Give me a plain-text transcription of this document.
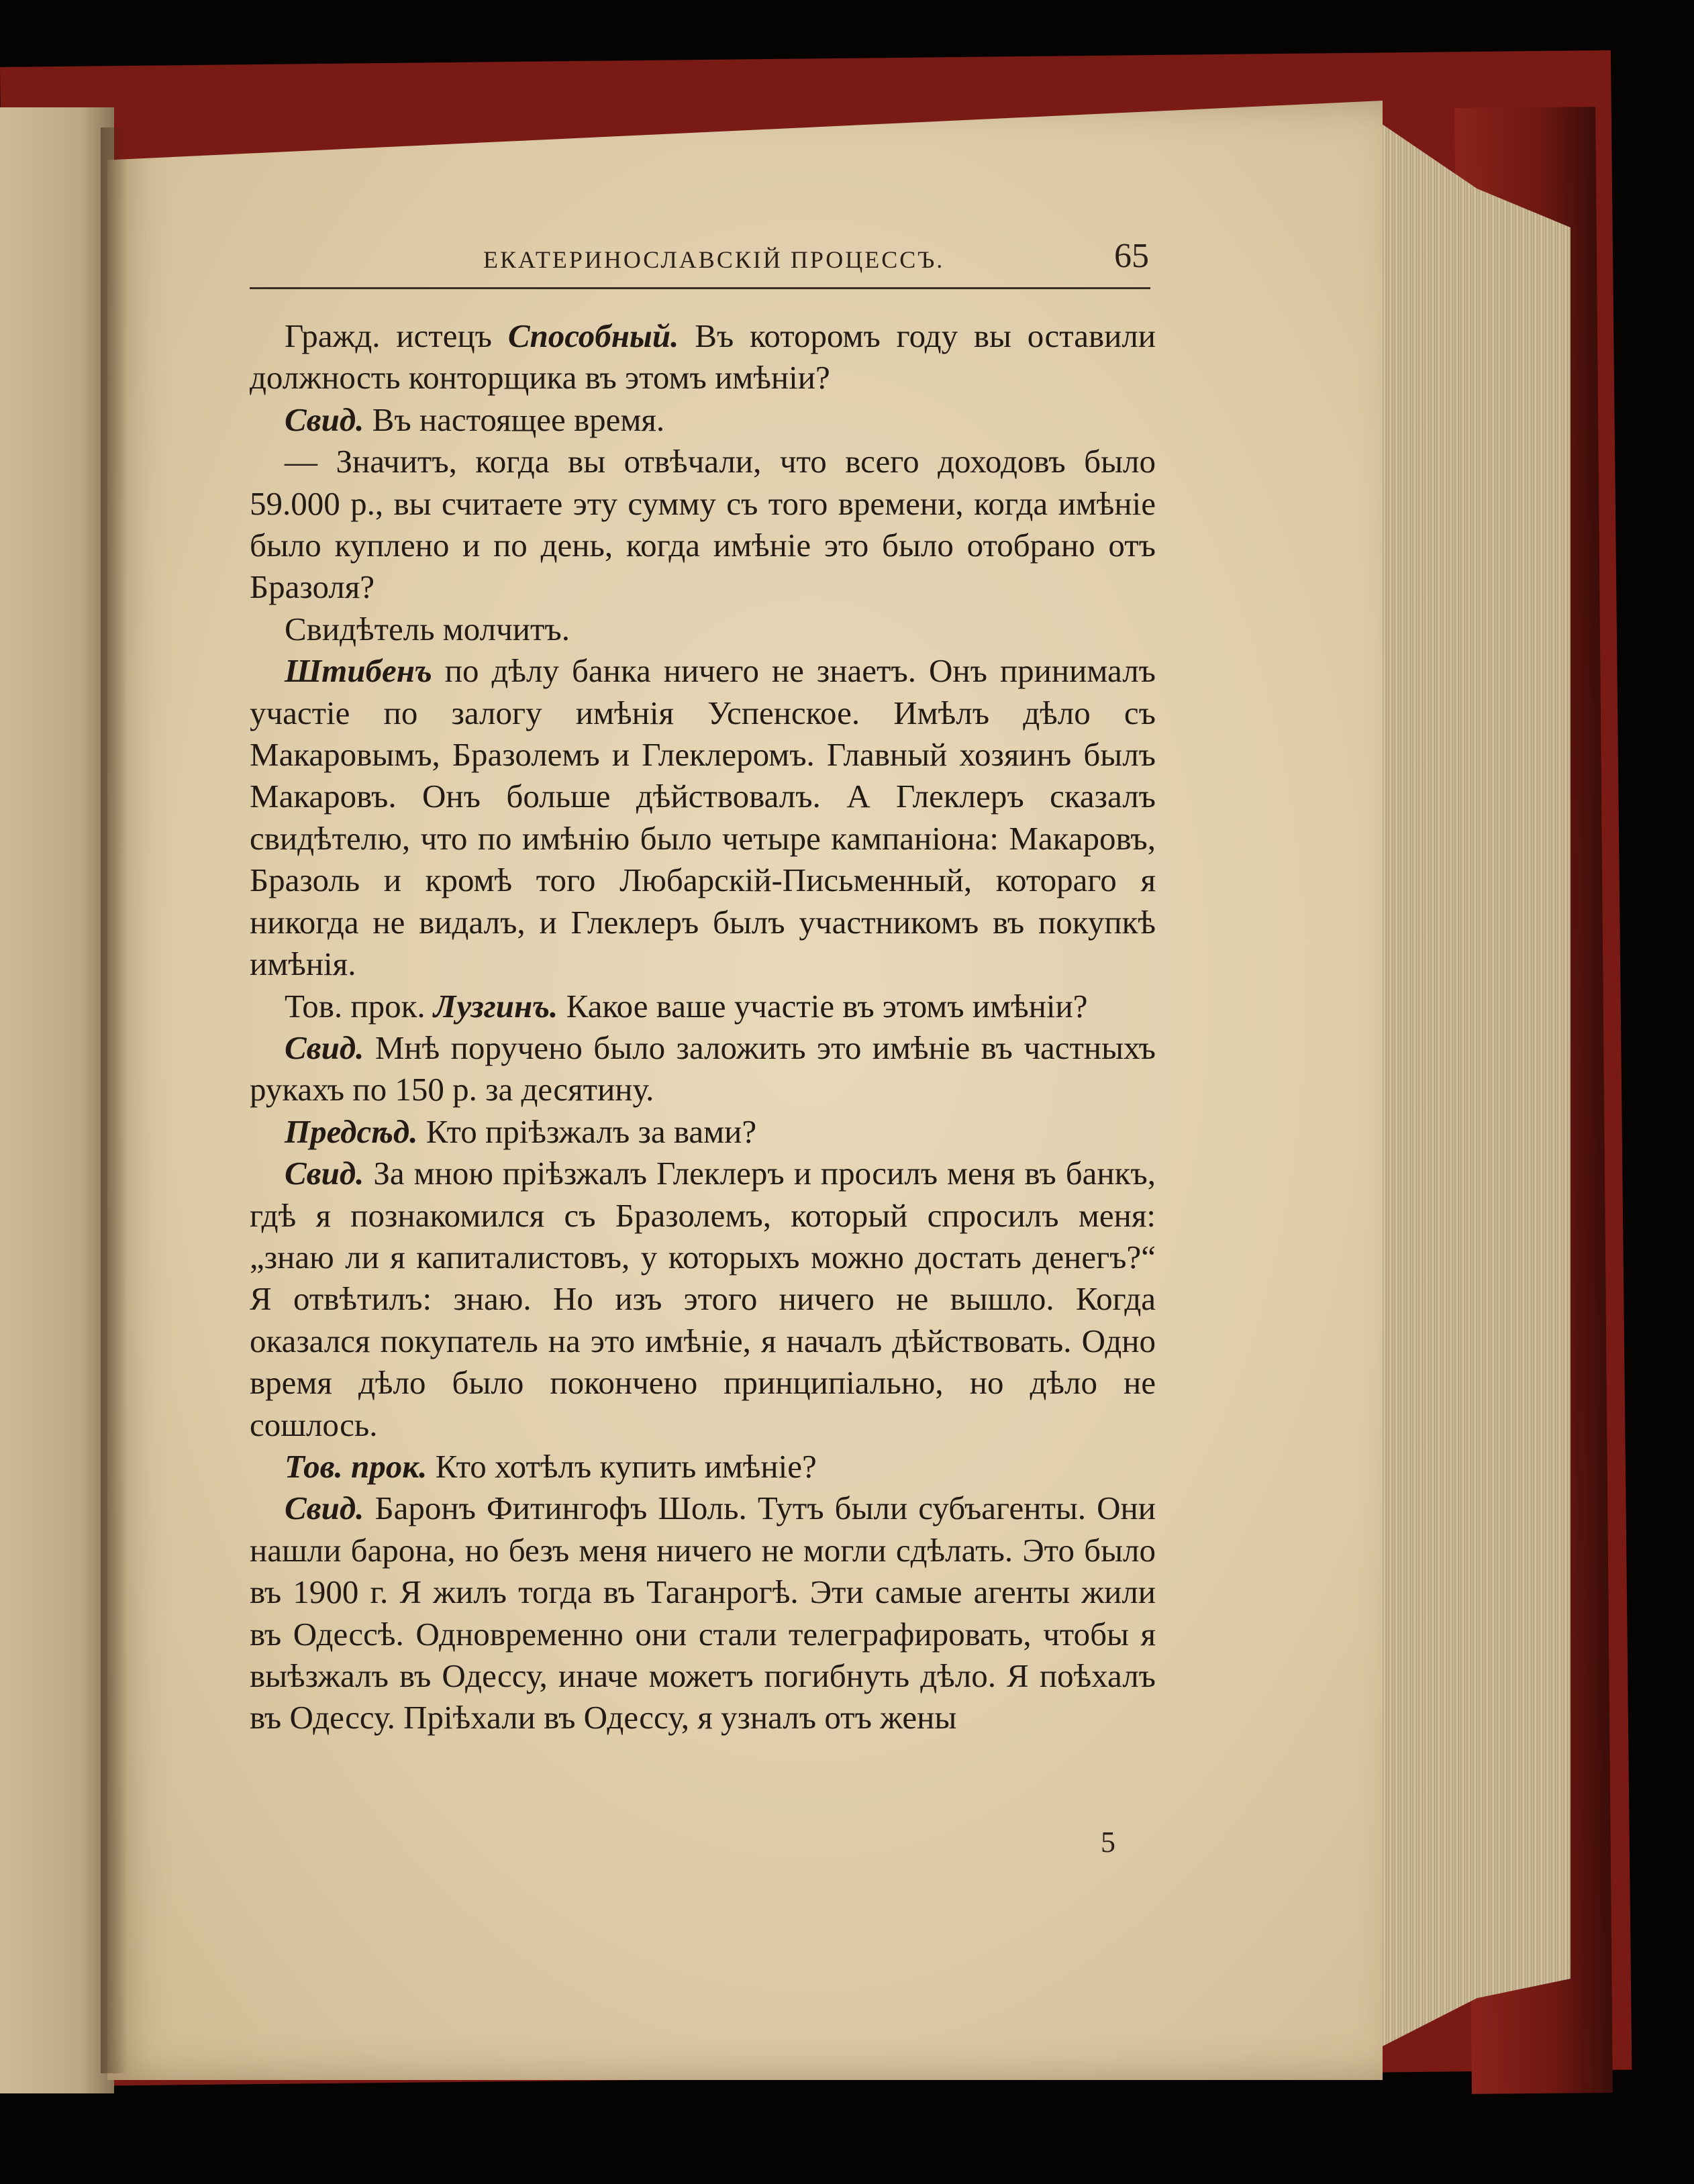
ЕКАТЕРИНОСЛАВСКІЙ ПРОЦЕССЪ.	65

Гражд. истецъ Способный. Въ которомъ году вы оставили должность конторщика въ этомъ имѣніи?

Свид. Въ настоящее время.

— Значитъ, когда вы отвѣчали, что всего доходовъ было 59.000 р., вы считаете эту сумму съ того времени, когда имѣніе было куплено и по день, когда имѣніе это было отобрано отъ Бразоля?

Свидѣтель молчитъ.

Штибенъ по дѣлу банка ничего не знаетъ. Онъ принималъ участіе по залогу имѣнія Успенское. Имѣлъ дѣло съ Макаровымъ, Бразолемъ и Глеклеромъ. Главный хозяинъ былъ Макаровъ. Онъ больше дѣйствовалъ. А Глеклеръ сказалъ свидѣтелю, что по имѣнію было четыре кампаніона: Макаровъ, Бразоль и кромѣ того Любарскій-Письменный, котораго я никогда не видалъ, и Глеклеръ былъ участникомъ въ покупкѣ имѣнія.

Тов. прок. Лузгинъ. Какое ваше участіе въ этомъ имѣніи?

Свид. Мнѣ поручено было заложить это имѣніе въ частныхъ рукахъ по 150 р. за десятину.

Предсѣд. Кто пріѣзжалъ за вами?

Свид. За мною пріѣзжалъ Глеклеръ и просилъ меня въ банкъ, гдѣ я познакомился съ Бразолемъ, который спросилъ меня: „знаю ли я капиталистовъ, у которыхъ можно достать денегъ?“ Я отвѣтилъ: знаю. Но изъ этого ничего не вышло. Когда оказался покупатель на это имѣніе, я началъ дѣйствовать. Одно время дѣло было покончено принципіально, но дѣло не сошлось.

Тов. прок. Кто хотѣлъ купить имѣніе?

Свид. Баронъ Фитингофъ Шоль. Тутъ были субъагенты. Они нашли барона, но безъ меня ничего не могли сдѣлать. Это было въ 1900 г. Я жилъ тогда въ Таганрогѣ. Эти самые агенты жили въ Одессѣ. Одновременно они стали телеграфировать, чтобы я выѣзжалъ въ Одессу, иначе можетъ погибнуть дѣло. Я поѣхалъ въ Одессу. Пріѣхали въ Одессу, я узналъ отъ жены

5
